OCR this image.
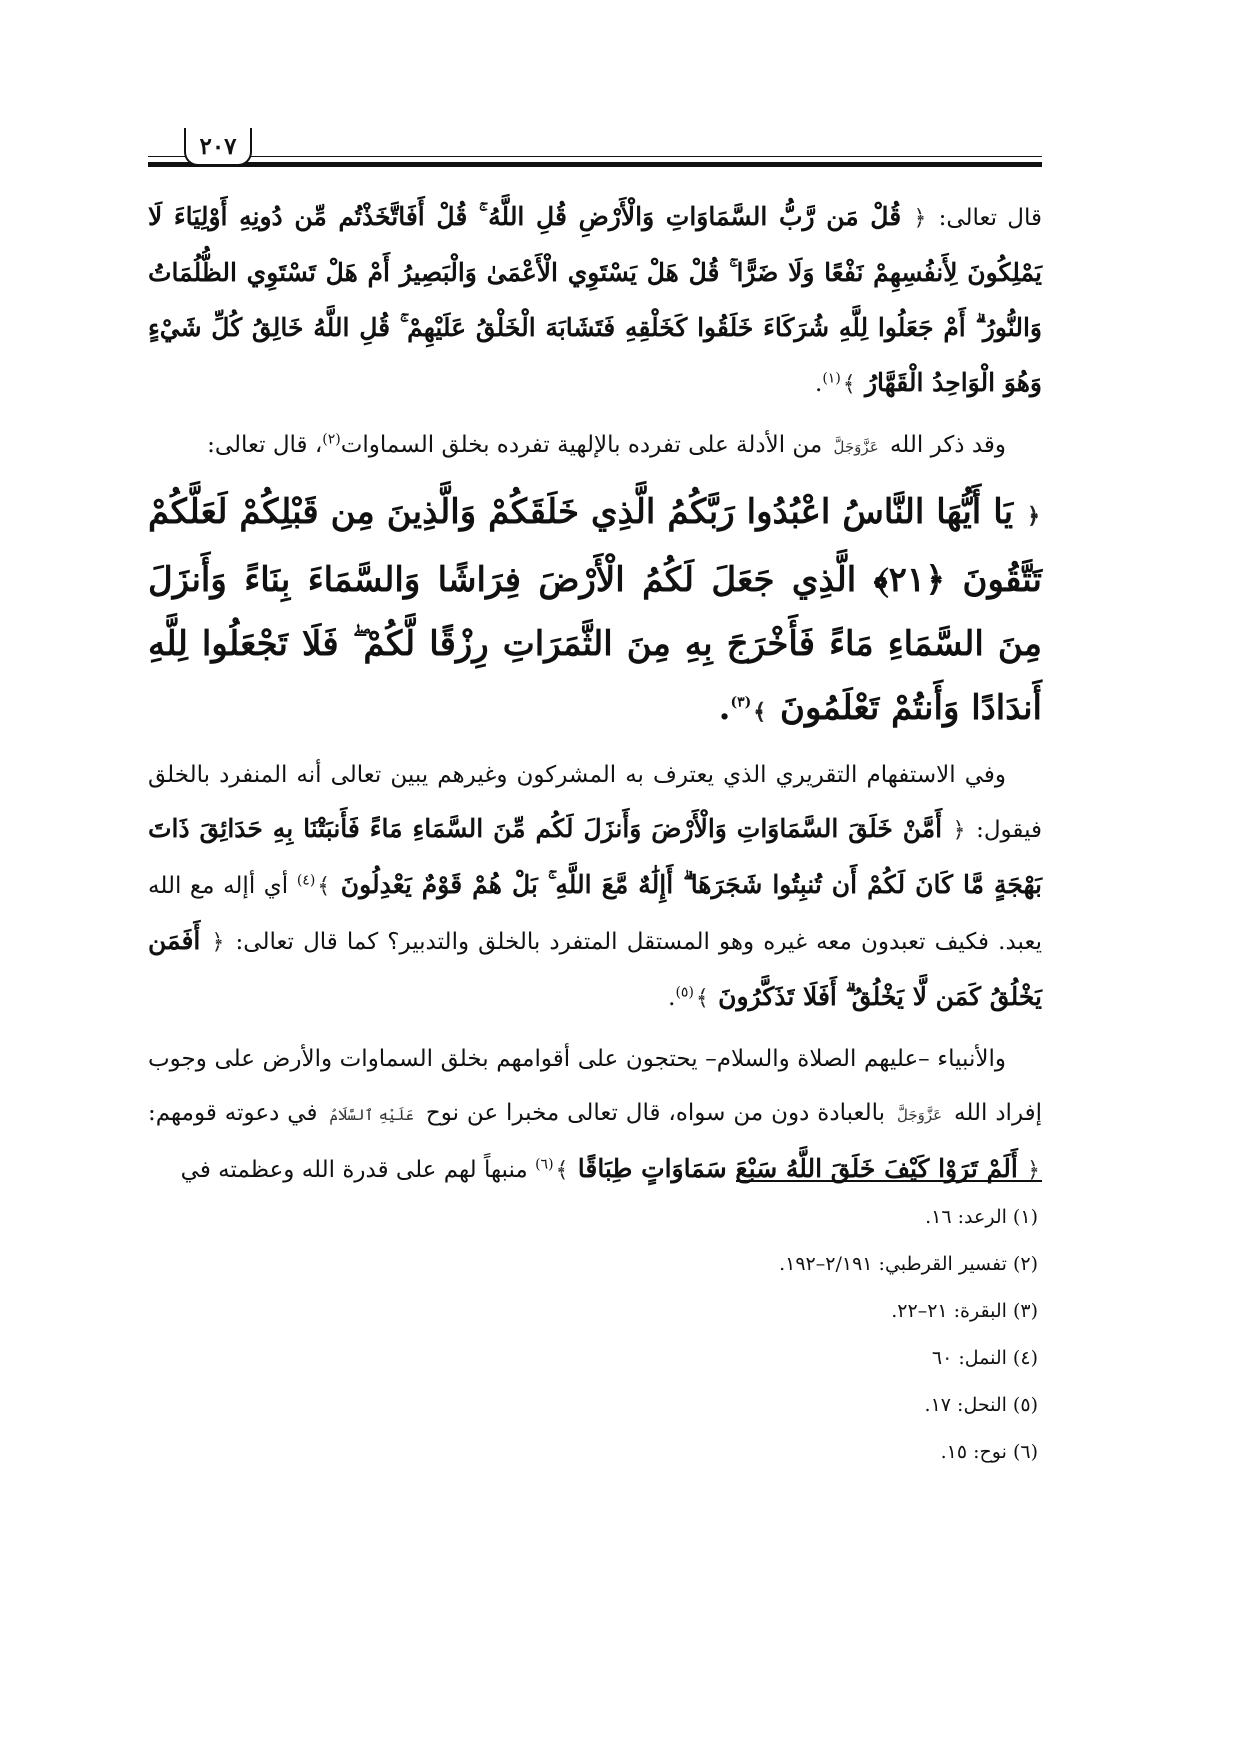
٢٠٧

قال تعالى: ﴿ قُلْ مَن رَّبُّ السَّمَاوَاتِ وَالْأَرْضِ قُلِ اللَّهُ ۚ قُلْ أَفَاتَّخَذْتُم مِّن دُونِهِ أَوْلِيَاءَ لَا يَمْلِكُونَ لِأَنفُسِهِمْ نَفْعًا وَلَا ضَرًّا ۚ قُلْ هَلْ يَسْتَوِي الْأَعْمَىٰ وَالْبَصِيرُ أَمْ هَلْ تَسْتَوِي الظُّلُمَاتُ وَالنُّورُ ۗ أَمْ جَعَلُوا لِلَّهِ شُرَكَاءَ خَلَقُوا كَخَلْقِهِ فَتَشَابَهَ الْخَلْقُ عَلَيْهِمْ ۚ قُلِ اللَّهُ خَالِقُ كُلِّ شَيْءٍ وَهُوَ الْوَاحِدُ الْقَهَّارُ ﴾$^{(١)}$.

وقد ذكر الله عَزَّوَجَلَّ من الأدلة على تفرده بالإلهية تفرده بخلق السماوات$^{(٢)}$، قال تعالى:

﴿ يَا أَيُّهَا النَّاسُ اعْبُدُوا رَبَّكُمُ الَّذِي خَلَقَكُمْ وَالَّذِينَ مِن قَبْلِكُمْ لَعَلَّكُمْ تَتَّقُونَ ﴿٢١﴾ الَّذِي جَعَلَ لَكُمُ الْأَرْضَ فِرَاشًا وَالسَّمَاءَ بِنَاءً وَأَنزَلَ مِنَ السَّمَاءِ مَاءً فَأَخْرَجَ بِهِ مِنَ الثَّمَرَاتِ رِزْقًا لَّكُمْ ۖ فَلَا تَجْعَلُوا لِلَّهِ أَندَادًا وَأَنتُمْ تَعْلَمُونَ ﴾$^{(٣)}$.

وفي الاستفهام التقريري الذي يعترف به المشركون وغيرهم يبين تعالى أنه المنفرد بالخلق فيقول: ﴿ أَمَّنْ خَلَقَ السَّمَاوَاتِ وَالْأَرْضَ وَأَنزَلَ لَكُم مِّنَ السَّمَاءِ مَاءً فَأَنبَتْنَا بِهِ حَدَائِقَ ذَاتَ بَهْجَةٍ مَّا كَانَ لَكُمْ أَن تُنبِتُوا شَجَرَهَا ۗ أَإِلَٰهٌ مَّعَ اللَّهِ ۚ بَلْ هُمْ قَوْمٌ يَعْدِلُونَ ﴾$^{(٤)}$ أي أإله مع الله يعبد. فكيف تعبدون معه غيره وهو المستقل المتفرد بالخلق والتدبير؟ كما قال تعالى: ﴿ أَفَمَن يَخْلُقُ كَمَن لَّا يَخْلُقُ ۗ أَفَلَا تَذَكَّرُونَ ﴾$^{(٥)}$.

والأنبياء –عليهم الصلاة والسلام– يحتجون على أقوامهم بخلق السماوات والأرض على وجوب إفراد الله عَزَّوَجَلَّ بالعبادة دون من سواه، قال تعالى مخبرا عن نوح عَلَيْهِ ٱلسَّلَامُ في دعوته قومهم: ﴿ أَلَمْ تَرَوْا كَيْفَ خَلَقَ اللَّهُ سَبْعَ سَمَاوَاتٍ طِبَاقًا ﴾$^{(٦)}$ منبهاً لهم على قدرة الله وعظمته في

(١) الرعد: ١٦.
(٢) تفسير القرطبي: ٢/١٩١–١٩٢.
(٣) البقرة: ٢١–٢٢.
(٤) النمل: ٦٠
(٥) النحل: ١٧.
(٦) نوح: ١٥.
